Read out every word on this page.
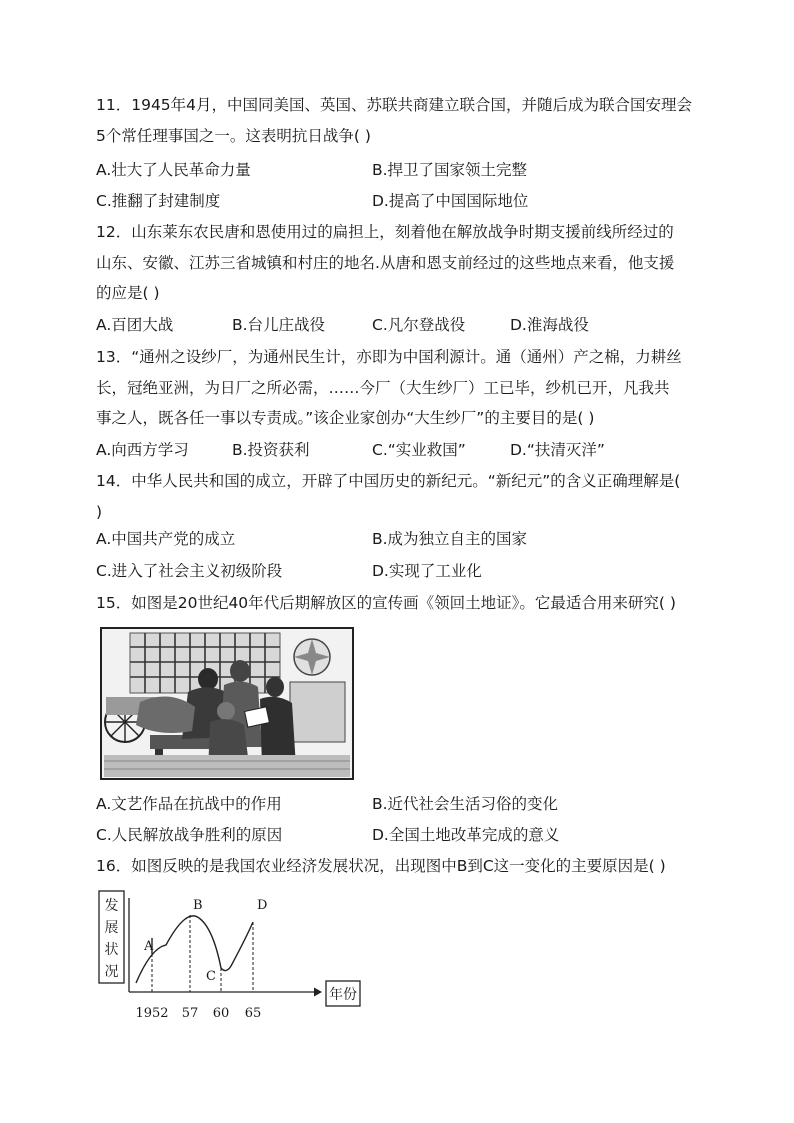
11．1945年4月，中国同美国、英国、苏联共商建立联合国，并随后成为联合国安理会
5个常任理事国之一。这表明抗日战争( )
A.壮大了人民革命力量	B.捍卫了国家领土完整
C.推翻了封建制度	D.提高了中国国际地位
12．山东莱东农民唐和恩使用过的扁担上，刻着他在解放战争时期支援前线所经过的
山东、安徽、江苏三省城镇和村庄的地名.从唐和恩支前经过的这些地点来看，他支援
的应是( )
A.百团大战	B.台儿庄战役	C.凡尔登战役	D.淮海战役
13．“通州之设纱厂，为通州民生计，亦即为中国利源计。通（通州）产之棉，力耕丝
长，冠绝亚洲，为日厂之所必需，……今厂（大生纱厂）工已毕，纱机已开，凡我共
事之人，既各任一事以专责成。”该企业家创办“大生纱厂”的主要目的是( )
A.向西方学习	B.投资获利	C.“实业救国”	D.“扶清灭洋”
14．中华人民共和国的成立，开辟了中国历史的新纪元。“新纪元”的含义正确理解是(
)
A.中国共产党的成立	B.成为独立自主的国家
C.进入了社会主义初级阶段	D.实现了工业化
15．如图是20世纪40年代后期解放区的宣传画《领回土地证》。它最适合用来研究( )
A.文艺作品在抗战中的作用	B.近代社会生活习俗的变化
C.人民解放战争胜利的原因	D.全国土地改革完成的意义
16．如图反映的是我国农业经济发展状况，出现图中B到C这一变化的主要原因是( )
发
展
状
况
年份
A
B
C
D
1952 57 60 65
